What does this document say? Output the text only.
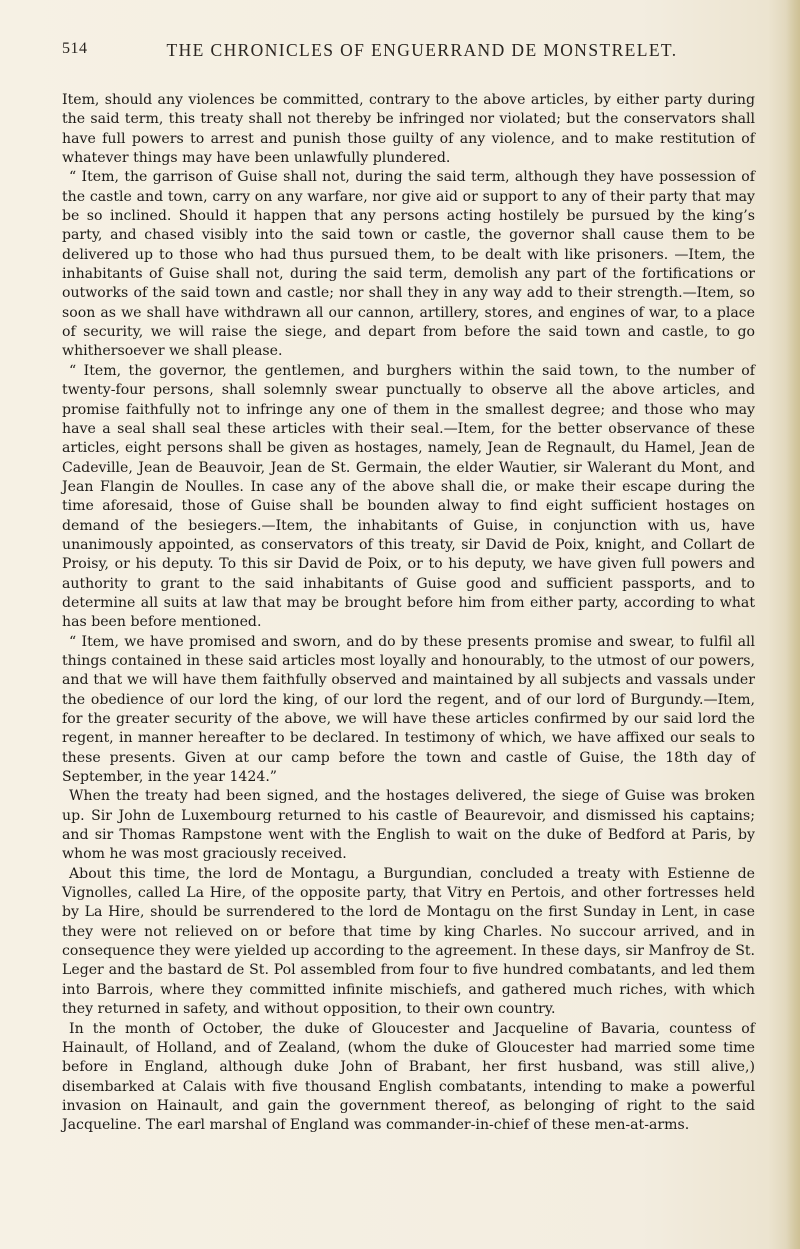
514	THE CHRONICLES OF ENGUERRAND DE MONSTRELET.

Item, should any violences be committed, contrary to the above articles, by either party during the said term, this treaty shall not thereby be infringed nor violated; but the conservators shall have full powers to arrest and punish those guilty of any violence, and to make restitution of whatever things may have been unlawfully plundered.

“ Item, the garrison of Guise shall not, during the said term, although they have possession of the castle and town, carry on any warfare, nor give aid or support to any of their party that may be so inclined. Should it happen that any persons acting hostilely be pursued by the king’s party, and chased visibly into the said town or castle, the governor shall cause them to be delivered up to those who had thus pursued them, to be dealt with like prisoners. —Item, the inhabitants of Guise shall not, during the said term, demolish any part of the fortifications or outworks of the said town and castle; nor shall they in any way add to their strength.—Item, so soon as we shall have withdrawn all our cannon, artillery, stores, and engines of war, to a place of security, we will raise the siege, and depart from before the said town and castle, to go whithersoever we shall please.

“ Item, the governor, the gentlemen, and burghers within the said town, to the number of twenty-four persons, shall solemnly swear punctually to observe all the above articles, and promise faithfully not to infringe any one of them in the smallest degree; and those who may have a seal shall seal these articles with their seal.—Item, for the better observance of these articles, eight persons shall be given as hostages, namely, Jean de Regnault, du Hamel, Jean de Cadeville, Jean de Beauvoir, Jean de St. Germain, the elder Wautier, sir Walerant du Mont, and Jean Flangin de Noulles. In case any of the above shall die, or make their escape during the time aforesaid, those of Guise shall be bounden alway to find eight sufficient hostages on demand of the besiegers.—Item, the inhabitants of Guise, in conjunction with us, have unanimously appointed, as conservators of this treaty, sir David de Poix, knight, and Collart de Proisy, or his deputy. To this sir David de Poix, or to his deputy, we have given full powers and authority to grant to the said inhabitants of Guise good and sufficient passports, and to determine all suits at law that may be brought before him from either party, according to what has been before mentioned.

“ Item, we have promised and sworn, and do by these presents promise and swear, to fulfil all things contained in these said articles most loyally and honourably, to the utmost of our powers, and that we will have them faithfully observed and maintained by all subjects and vassals under the obedience of our lord the king, of our lord the regent, and of our lord of Burgundy.—Item, for the greater security of the above, we will have these articles confirmed by our said lord the regent, in manner hereafter to be declared. In testimony of which, we have affixed our seals to these presents. Given at our camp before the town and castle of Guise, the 18th day of September, in the year 1424.”

When the treaty had been signed, and the hostages delivered, the siege of Guise was broken up. Sir John de Luxembourg returned to his castle of Beaurevoir, and dismissed his captains; and sir Thomas Rampstone went with the English to wait on the duke of Bedford at Paris, by whom he was most graciously received.

About this time, the lord de Montagu, a Burgundian, concluded a treaty with Estienne de Vignolles, called La Hire, of the opposite party, that Vitry en Pertois, and other fortresses held by La Hire, should be surrendered to the lord de Montagu on the first Sunday in Lent, in case they were not relieved on or before that time by king Charles. No succour arrived, and in consequence they were yielded up according to the agreement. In these days, sir Manfroy de St. Leger and the bastard de St. Pol assembled from four to five hundred combatants, and led them into Barrois, where they committed infinite mischiefs, and gathered much riches, with which they returned in safety, and without opposition, to their own country.

In the month of October, the duke of Gloucester and Jacqueline of Bavaria, countess of Hainault, of Holland, and of Zealand, (whom the duke of Gloucester had married some time before in England, although duke John of Brabant, her first husband, was still alive,) disembarked at Calais with five thousand English combatants, intending to make a powerful invasion on Hainault, and gain the government thereof, as belonging of right to the said Jacqueline. The earl marshal of England was commander-in-chief of these men-at-arms.
